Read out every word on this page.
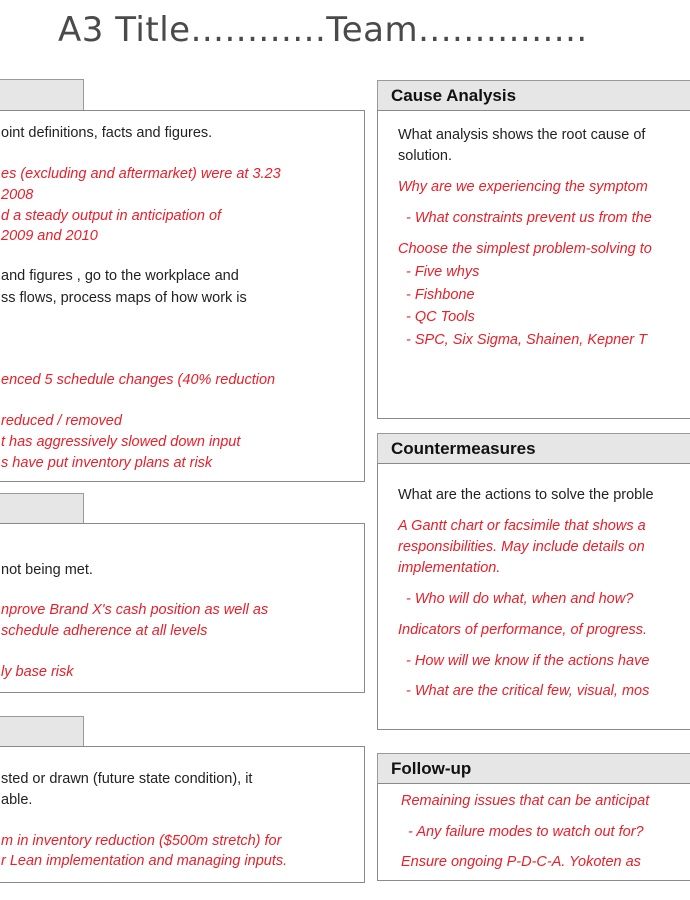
A3 Title............Team...............
oint definitions, facts and figures.
es (excluding and aftermarket) were at 3.23
2008
d a steady output in anticipation of
2009 and 2010
and figures , go to the workplace and
ss flows, process maps of how work is
enced 5 schedule changes (40% reduction
reduced / removed
t has aggressively slowed down input
s have put inventory plans at risk
not being met.
nprove Brand X's cash position as well as
schedule adherence at all levels
ly base risk
sted or drawn (future state condition), it
able.
m in inventory reduction ($500m stretch) for
r Lean implementation and managing inputs.
Cause Analysis
What analysis shows the root cause of
solution.
Why are we experiencing the symptom
- What constraints prevent us from the
Choose the simplest problem-solving to
- Five whys
- Fishbone
- QC Tools
- SPC, Six Sigma, Shainen, Kepner T
Countermeasures
What are the actions to solve the proble
A Gantt chart or facsimile that shows a
responsibilities. May include details on
implementation.
- Who will do what, when and how?
Indicators of performance, of progress.
- How will we know if the actions have
- What are the critical few, visual, mos
Follow-up
Remaining issues that can be anticipat
- Any failure modes to watch out for?
Ensure ongoing P-D-C-A. Yokoten as
